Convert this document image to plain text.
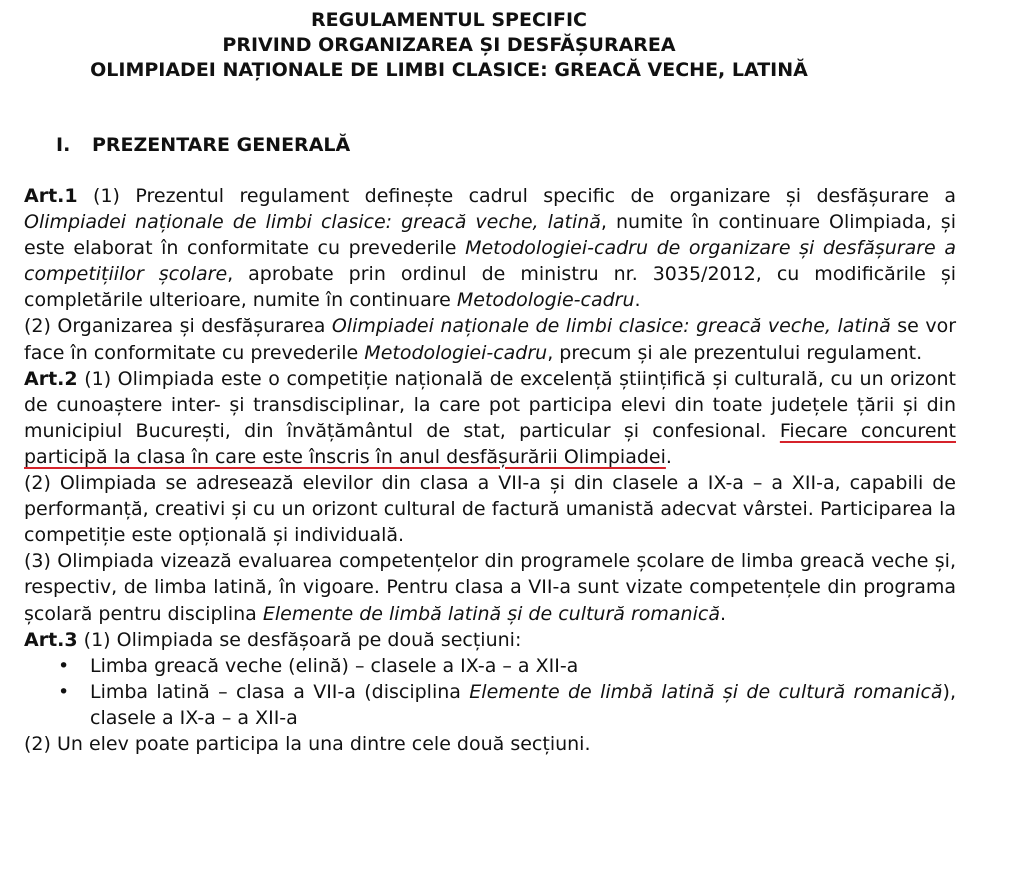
REGULAMENTUL SPECIFIC
PRIVIND ORGANIZAREA ȘI DESFĂȘURAREA
OLIMPIADEI NAȚIONALE DE LIMBI CLASICE: GREACĂ VECHE, LATINĂ
I. PREZENTARE GENERALĂ
Art.1 (1) Prezentul regulament definește cadrul specific de organizare și desfășurare a Olimpiadei naționale de limbi clasice: greacă veche, latină, numite în continuare Olimpiada, și este elaborat în conformitate cu prevederile Metodologiei-cadru de organizare și desfășurare a competițiilor școlare, aprobate prin ordinul de ministru nr. 3035/2012, cu modificările și completările ulterioare, numite în continuare Metodologie-cadru.
(2) Organizarea și desfășurarea Olimpiadei naționale de limbi clasice: greacă veche, latină se vor face în conformitate cu prevederile Metodologiei-cadru, precum și ale prezentului regulament.
Art.2 (1) Olimpiada este o competiție națională de excelență științifică și culturală, cu un orizont de cunoaștere inter- și transdisciplinar, la care pot participa elevi din toate județele țării și din municipiul București, din învățământul de stat, particular și confesional. Fiecare concurent participă la clasa în care este înscris în anul desfășurării Olimpiadei.
(2) Olimpiada se adresează elevilor din clasa a VII-a și din clasele a IX-a – a XII-a, capabili de performanță, creativi și cu un orizont cultural de factură umanistă adecvat vârstei. Participarea la competiție este opțională și individuală.
(3) Olimpiada vizează evaluarea competențelor din programele școlare de limba greacă veche și, respectiv, de limba latină, în vigoare. Pentru clasa a VII-a sunt vizate competențele din programa școlară pentru disciplina Elemente de limbă latină și de cultură romanică.
Art.3 (1) Olimpiada se desfășoară pe două secțiuni:
• Limba greacă veche (elină) – clasele a IX-a – a XII-a
• Limba latină – clasa a VII-a (disciplina Elemente de limbă latină și de cultură romanică), clasele a IX-a – a XII-a
(2) Un elev poate participa la una dintre cele două secțiuni.
